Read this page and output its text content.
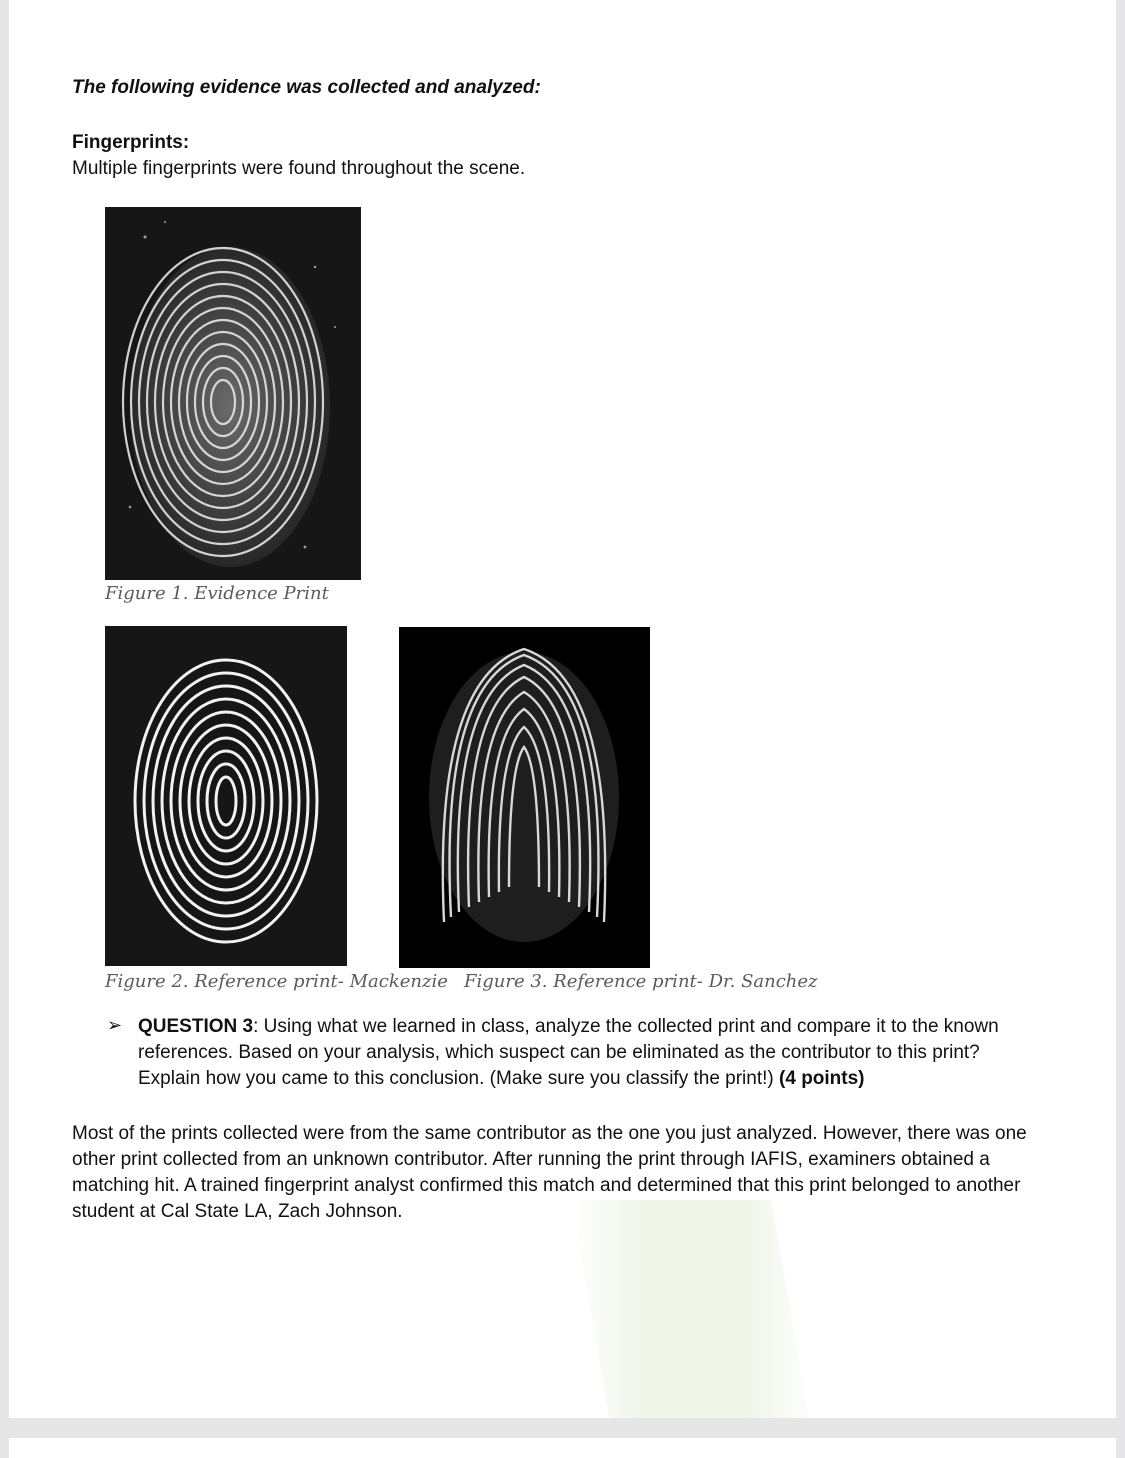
The following evidence was collected and analyzed:

Fingerprints:

Multiple fingerprints were found throughout the scene.

Figure 1. Evidence Print
Figure 2. Reference print- Mackenzie Figure 3. Reference print- Dr. Sanchez
➢ QUESTION 3: Using what we learned in class, analyze the collected print and compare it to the known references. Based on your analysis, which suspect can be eliminated as the contributor to this print? Explain how you came to this conclusion. (Make sure you classify the print!) (4 points)

Most of the prints collected were from the same contributor as the one you just analyzed. However, there was one other print collected from an unknown contributor. After running the print through IAFIS, examiners obtained a matching hit. A trained fingerprint analyst confirmed this match and determined that this print belonged to another student at Cal State LA, Zach Johnson.
